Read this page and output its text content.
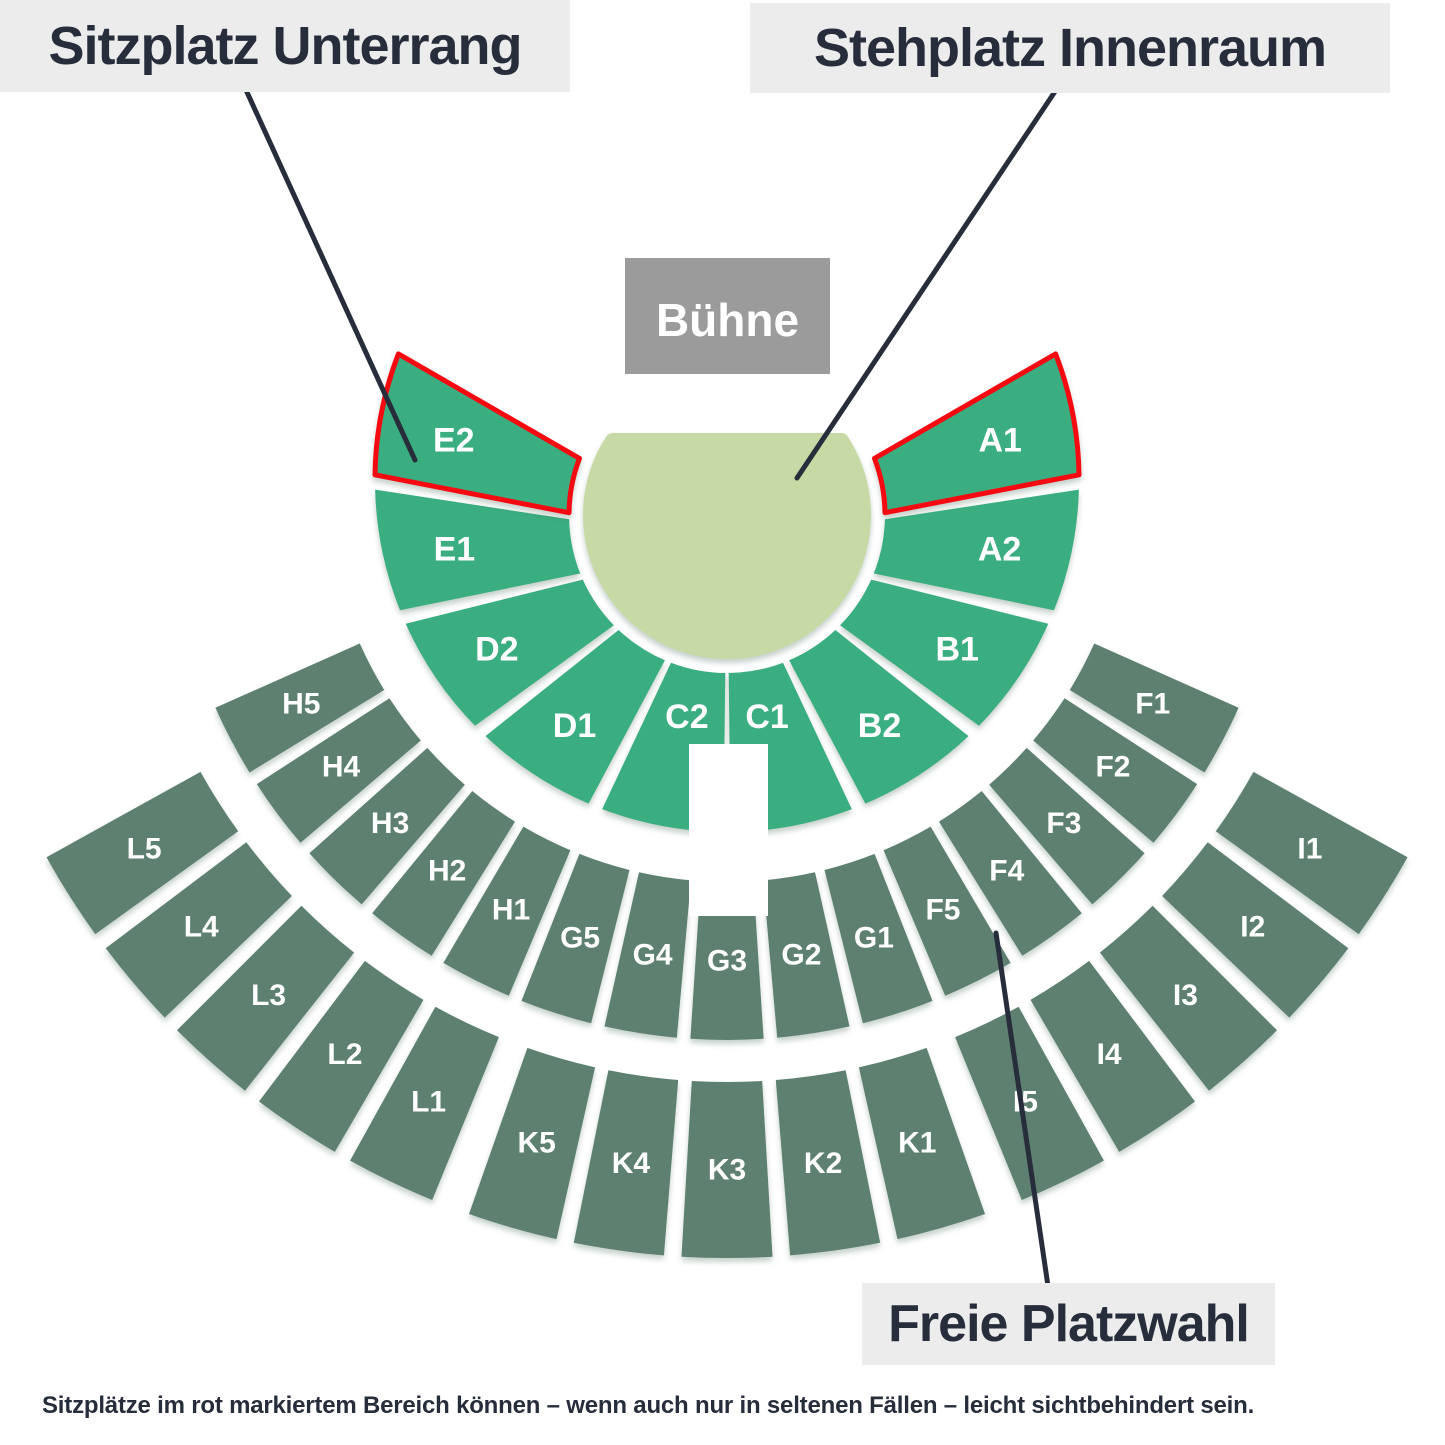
A1
A2
B1
B2
C1
C2
D1
D2
E1
E2
F1
F2
F3
F4
F5
G1
G2
G3
G4
G5
H1
H2
H3
H4
H5
I1
I2
I3
I4
I5
K1
K2
K3
K4
K5
L1
L2
L3
L4
L5
Bühne
Sitzplatz Unterrang	Stehplatz Innenraum
Freie Platzwahl
Sitzplätze im rot markiertem Bereich können – wenn auch nur in seltenen Fällen – leicht sichtbehindert sein.
